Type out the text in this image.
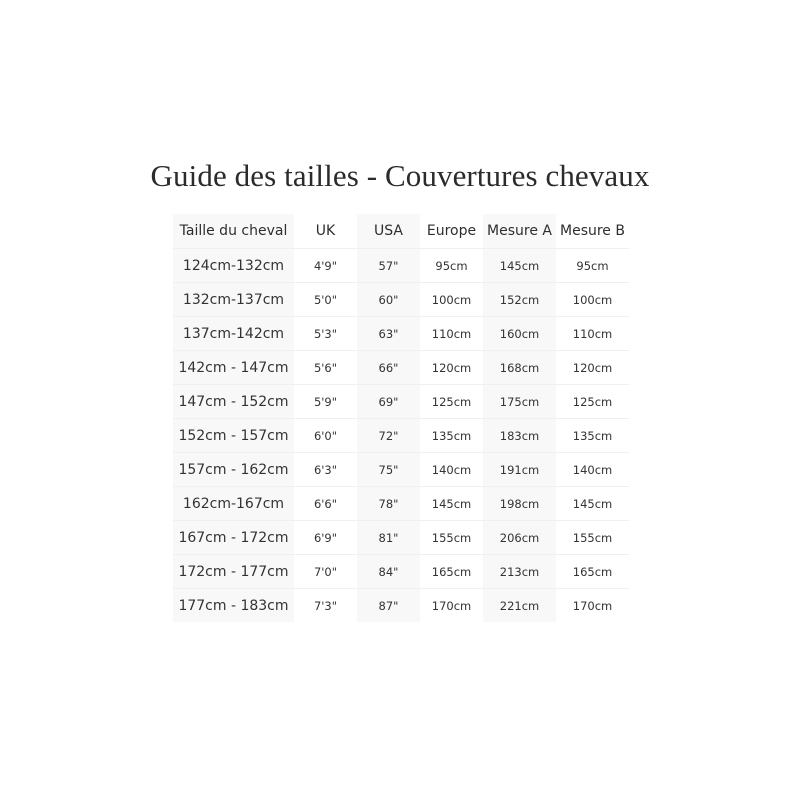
Guide des tailles - Couvertures chevaux
Taille du cheval	UK	USA	Europe	Mesure A	Mesure B
124cm-132cm	4'9"	57"	95cm	145cm	95cm
132cm-137cm	5'0"	60"	100cm	152cm	100cm
137cm-142cm	5'3"	63"	110cm	160cm	110cm
142cm - 147cm	5'6"	66"	120cm	168cm	120cm
147cm - 152cm	5'9"	69"	125cm	175cm	125cm
152cm - 157cm	6'0"	72"	135cm	183cm	135cm
157cm - 162cm	6'3"	75"	140cm	191cm	140cm
162cm-167cm	6'6"	78"	145cm	198cm	145cm
167cm - 172cm	6'9"	81"	155cm	206cm	155cm
172cm - 177cm	7'0"	84"	165cm	213cm	165cm
177cm - 183cm	7'3"	87"	170cm	221cm	170cm
